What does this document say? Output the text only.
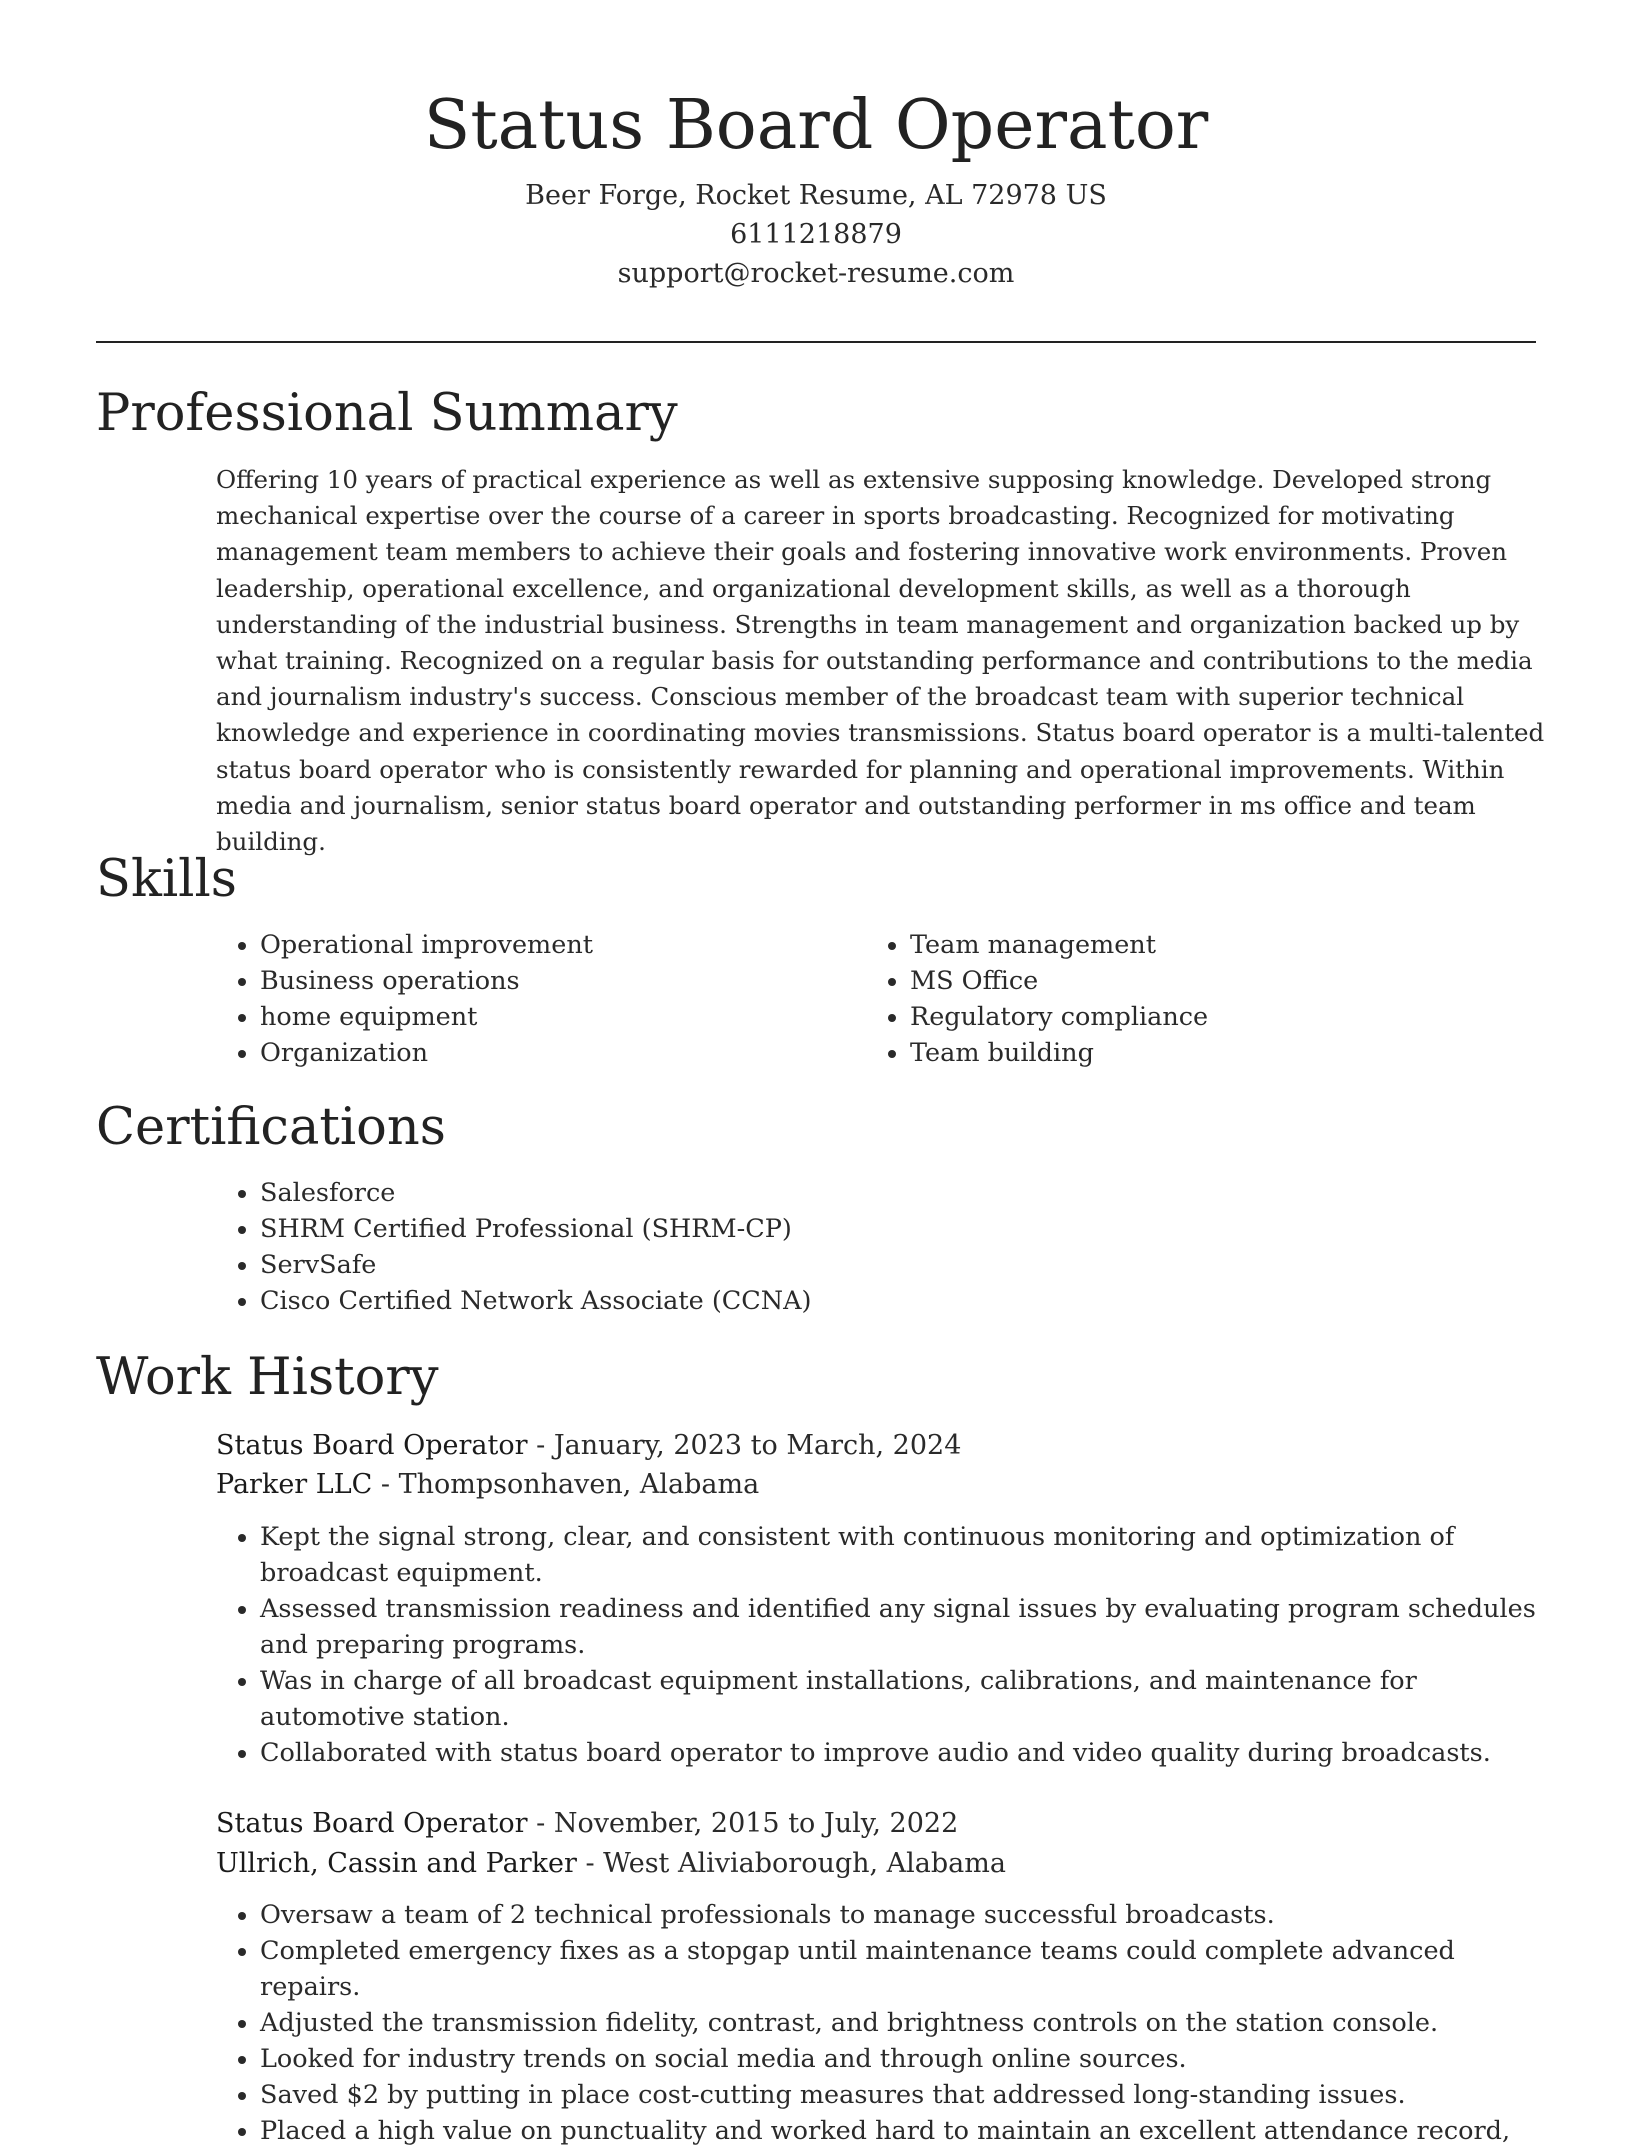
Status Board Operator
Beer Forge, Rocket Resume, AL 72978 US
6111218879
support@rocket-resume.com
Professional Summary

Offering 10 years of practical experience as well as extensive supposing knowledge. Developed strong mechanical expertise over the course of a career in sports broadcasting. Recognized for motivating management team members to achieve their goals and fostering innovative work environments. Proven leadership, operational excellence, and organizational development skills, as well as a thorough understanding of the industrial business. Strengths in team management and organization backed up by what training. Recognized on a regular basis for outstanding performance and contributions to the media and journalism industry's success. Conscious member of the broadcast team with superior technical knowledge and experience in coordinating movies transmissions. Status board operator is a multi-talented status board operator who is consistently rewarded for planning and operational improvements. Within media and journalism, senior status board operator and outstanding performer in ms office and team building.

Skills
• Operational improvement
• Business operations
• home equipment
• Organization
• Team management
• MS Office
• Regulatory compliance
• Team building
Certifications
• Salesforce
• SHRM Certified Professional (SHRM-CP)
• ServSafe
• Cisco Certified Network Associate (CCNA)
Work History
Status Board Operator - January, 2023 to March, 2024
Parker LLC - Thompsonhaven, Alabama
• Kept the signal strong, clear, and consistent with continuous monitoring and optimization of broadcast equipment.
• Assessed transmission readiness and identified any signal issues by evaluating program schedules and preparing programs.
• Was in charge of all broadcast equipment installations, calibrations, and maintenance for automotive station.
• Collaborated with status board operator to improve audio and video quality during broadcasts.
Status Board Operator - November, 2015 to July, 2022
Ullrich, Cassin and Parker - West Aliviaborough, Alabama
• Oversaw a team of 2 technical professionals to manage successful broadcasts.
• Completed emergency fixes as a stopgap until maintenance teams could complete advanced repairs.
• Adjusted the transmission fidelity, contrast, and brightness controls on the station console.
• Looked for industry trends on social media and through online sources.
• Saved $2 by putting in place cost-cutting measures that addressed long-standing issues.
• Placed a high value on punctuality and worked hard to maintain an excellent attendance record,
